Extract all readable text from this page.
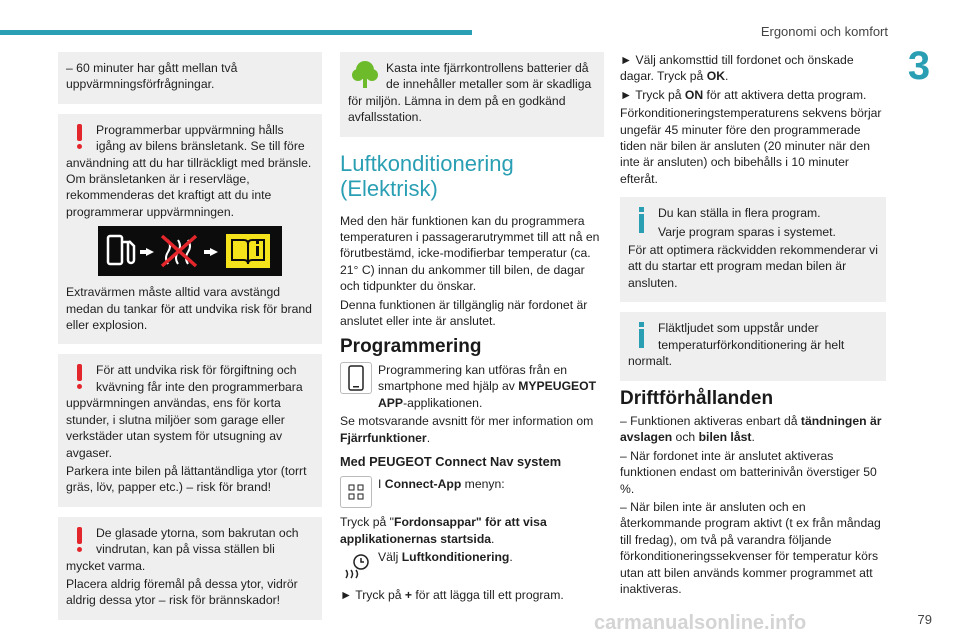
Ergonomi och komfort
3
– 60 minuter har gått mellan två uppvärmningsförfrågningar.
Programmerbar uppvärmning hålls igång av bilens bränsletank. Se till före användning att du har tillräckligt med bränsle. Om bränsletanken är i reservläge, rekommenderas det kraftigt att du inte programmerar uppvärmningen.
Extravärmen måste alltid vara avstängd medan du tankar för att undvika risk för brand eller explosion.
För att undvika risk för förgiftning och kvävning får inte den programmerbara uppvärmningen användas, ens för korta stunder, i slutna miljöer som garage eller verkstäder utan system för utsugning av avgaser.
Parkera inte bilen på lättantändliga ytor (torrt gräs, löv, papper etc.) – risk för brand!
De glasade ytorna, som bakrutan och vindrutan, kan på vissa ställen bli mycket varma.
Placera aldrig föremål på dessa ytor, vidrör aldrig dessa ytor – risk för brännskador!
Kasta inte fjärrkontrollens batterier då de innehåller metaller som är skadliga för miljön. Lämna in dem på en godkänd avfallsstation.
Luftkonditionering (Elektrisk)
Med den här funktionen kan du programmera temperaturen i passagerarutrymmet till att nå en förutbestämd, icke-modifierbar temperatur (ca. 21° C) innan du ankommer till bilen, de dagar och tidpunkter du önskar.
Denna funktionen är tillgänglig när fordonet är anslutet eller inte är anslutet.
Programmering
Programmering kan utföras från en smartphone med hjälp av MYPEUGEOT APP-applikationen.
Se motsvarande avsnitt för mer information om Fjärrfunktioner.
Med PEUGEOT Connect Nav system
I Connect-App menyn:
Tryck på "Fordonsappar" för att visa applikationernas startsida.
Välj Luftkonditionering.
► Tryck på + för att lägga till ett program.
► Välj ankomsttid till fordonet och önskade dagar. Tryck på OK.
► Tryck på ON för att aktivera detta program.
Förkonditioneringstemperaturens sekvens börjar ungefär 45 minuter före den programmerade tiden när bilen är ansluten (20 minuter när den inte är ansluten) och bibehålls i 10 minuter efteråt.
Du kan ställa in flera program.
Varje program sparas i systemet.
För att optimera räckvidden rekommenderar vi att du startar ett program medan bilen är ansluten.
Fläktljudet som uppstår under temperaturförkonditionering är helt normalt.
Driftförhållanden
– Funktionen aktiveras enbart då tändningen är avslagen och bilen låst.
– När fordonet inte är anslutet aktiveras funktionen endast om batterinivån överstiger 50 %.
– När bilen inte är ansluten och en återkommande program aktivt (t ex från måndag till fredag), om två på varandra följande förkonditioneringssekvenser för temperatur körs utan att bilen används kommer programmet att inaktiveras.
carmanualsonline.info	79
